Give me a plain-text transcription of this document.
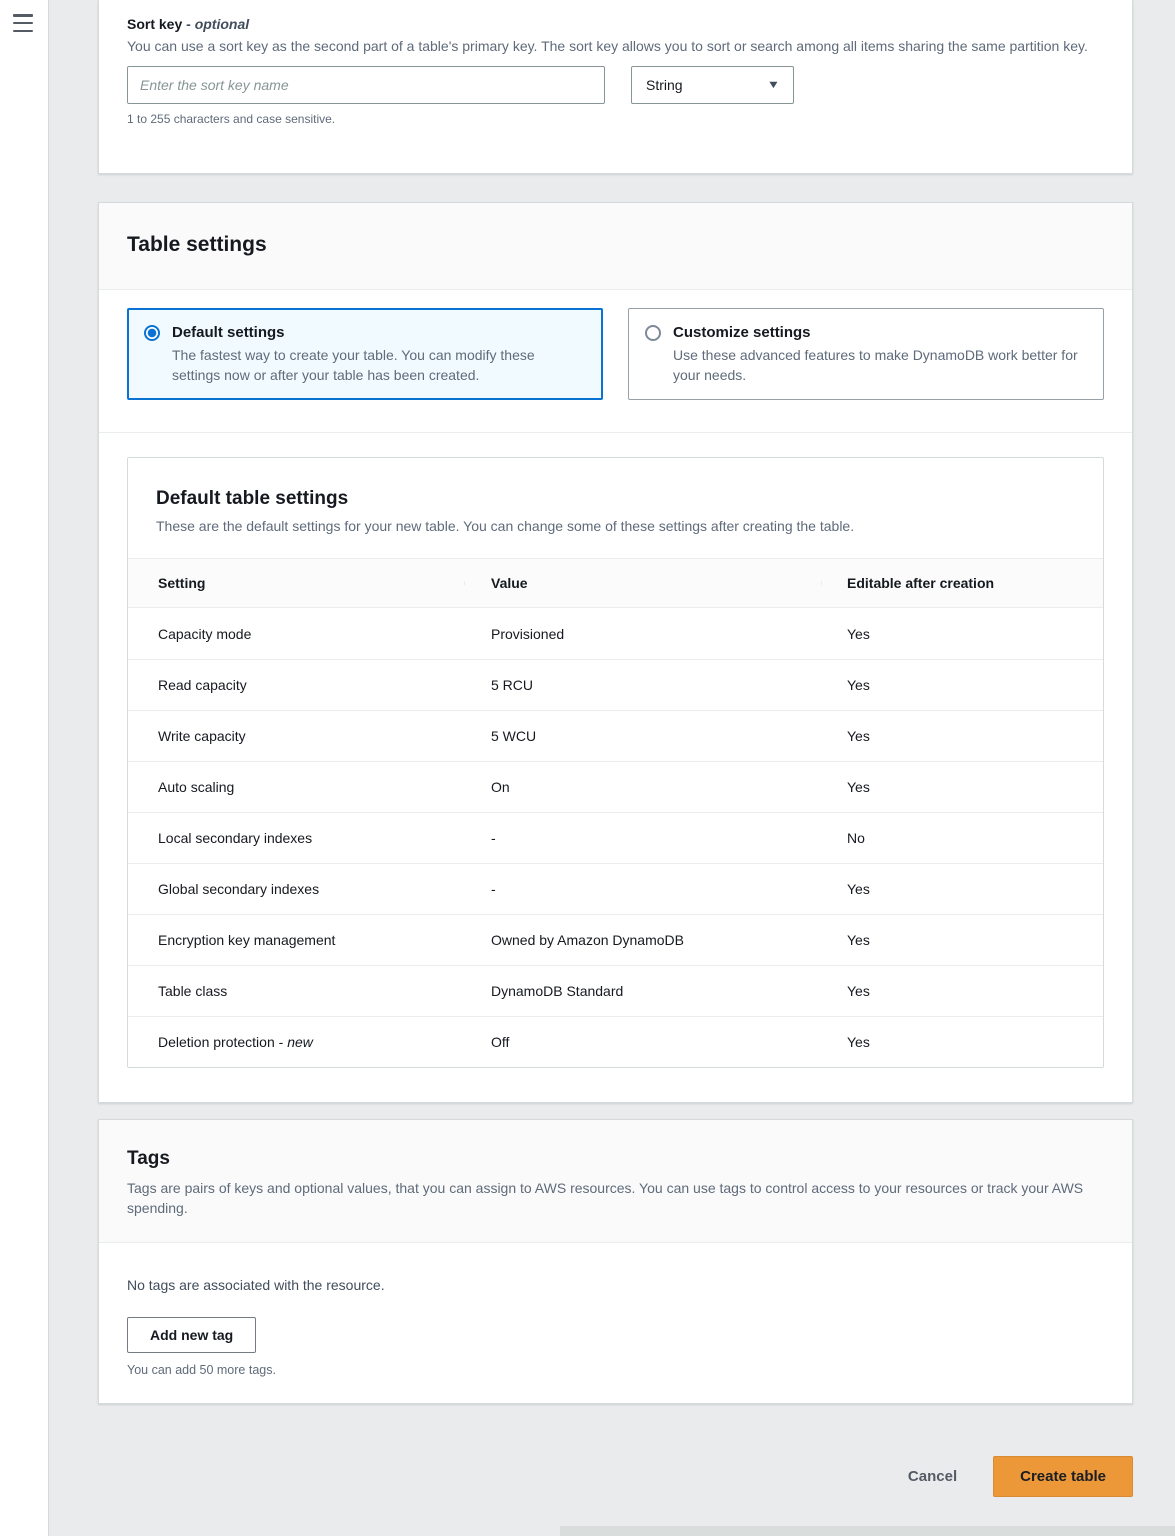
Sort key - optional
You can use a sort key as the second part of a table's primary key. The sort key allows you to sort or search among all items sharing the same partition key.
Enter the sort key name
String	▼
1 to 255 characters and case sensitive.
Table settings
Default settings
The fastest way to create your table. You can modify these settings now or after your table has been created.
Customize settings
Use these advanced features to make DynamoDB work better for your needs.
Default table settings

These are the default settings for your new table. You can change some of these settings after creating the table.

Setting	Value	Editable after creation
Capacity mode	Provisioned	Yes
Read capacity	5 RCU	Yes
Write capacity	5 WCU	Yes
Auto scaling	On	Yes
Local secondary indexes	-	No
Global secondary indexes	-	Yes
Encryption key management	Owned by Amazon DynamoDB	Yes
Table class	DynamoDB Standard	Yes
Deletion protection - new	Off	Yes
Tags

Tags are pairs of keys and optional values, that you can assign to AWS resources. You can use tags to control access to your resources or track your AWS spending.

No tags are associated with the resource.
Add new tag
You can add 50 more tags.
Cancel	Create table
